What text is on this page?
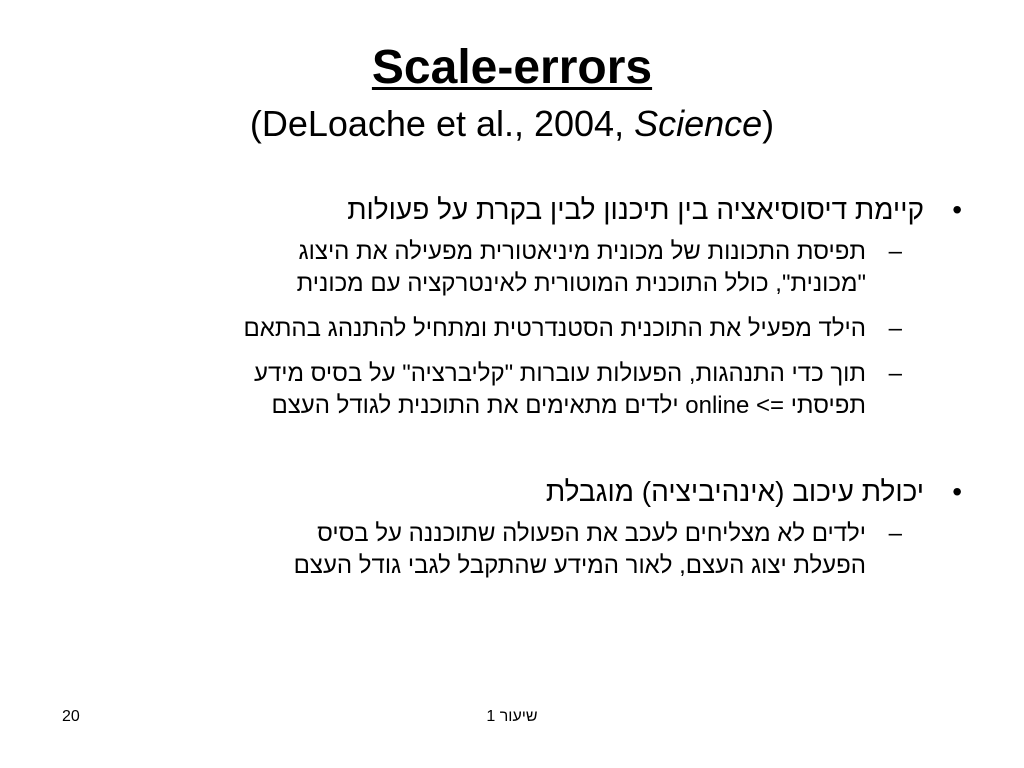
Scale-errors
(DeLoache et al., 2004, Science)
•
קיימת דיסוסיאציה בין תיכנון לבין בקרת על פעולות
–
תפיסת התכונות של מכונית מיניאטורית מפעילה את היצוג
"מכונית", כולל התוכנית המוטורית לאינטרקציה עם מכונית
–
הילד מפעיל את התוכנית הסטנדרטית ומתחיל להתנהג בהתאם
–
תוך כדי התנהגות, הפעולות עוברות "קליברציה" על בסיס מידע
תפיסתי online <= ילדים מתאימים את התוכנית לגודל העצם
•
יכולת עיכוב (אינהיביציה) מוגבלת
–
ילדים לא מצליחים לעכב את הפעולה שתוכננה על בסיס
הפעלת יצוג העצם, לאור המידע שהתקבל לגבי גודל העצם
20	שיעור 1
